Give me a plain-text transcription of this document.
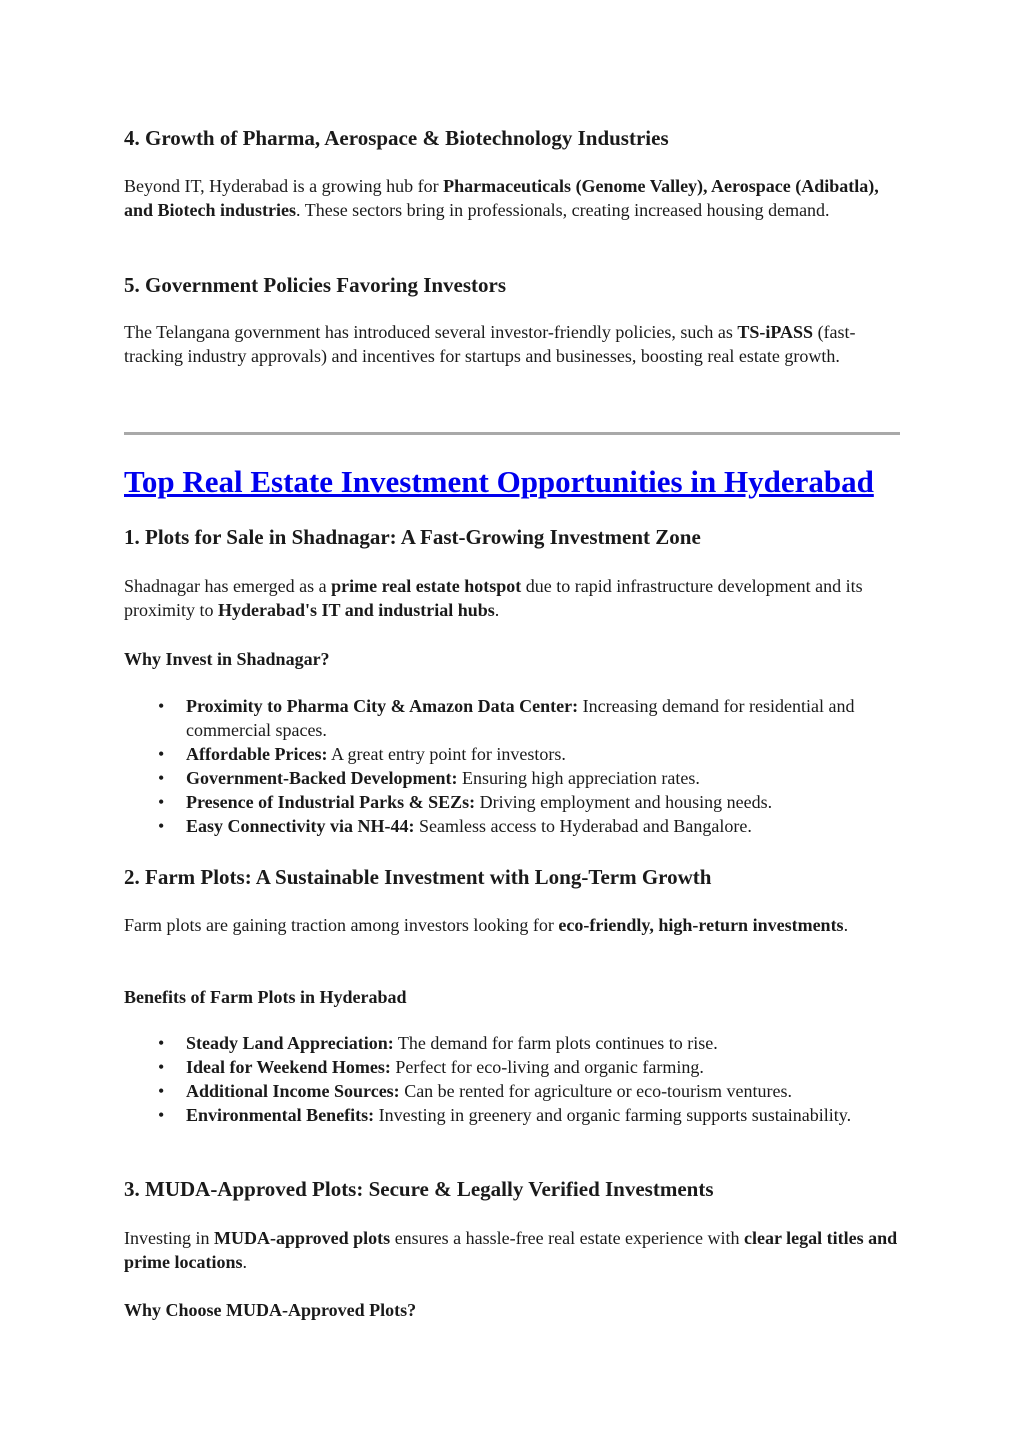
4. Growth of Pharma, Aerospace & Biotechnology Industries

Beyond IT, Hyderabad is a growing hub for Pharmaceuticals (Genome Valley), Aerospace (Adibatla), and Biotech industries. These sectors bring in professionals, creating increased housing demand.

5. Government Policies Favoring Investors

The Telangana government has introduced several investor-friendly policies, such as TS-iPASS (fast-tracking industry approvals) and incentives for startups and businesses, boosting real estate growth.

Top Real Estate Investment Opportunities in Hyderabad
1. Plots for Sale in Shadnagar: A Fast-Growing Investment Zone

Shadnagar has emerged as a prime real estate hotspot due to rapid infrastructure development and its proximity to Hyderabad's IT and industrial hubs.

Why Invest in Shadnagar?

• Proximity to Pharma City & Amazon Data Center: Increasing demand for residential and commercial spaces.
• Affordable Prices: A great entry point for investors.
• Government-Backed Development: Ensuring high appreciation rates.
• Presence of Industrial Parks & SEZs: Driving employment and housing needs.
• Easy Connectivity via NH-44: Seamless access to Hyderabad and Bangalore.
2. Farm Plots: A Sustainable Investment with Long-Term Growth

Farm plots are gaining traction among investors looking for eco-friendly, high-return investments.

Benefits of Farm Plots in Hyderabad

• Steady Land Appreciation: The demand for farm plots continues to rise.
• Ideal for Weekend Homes: Perfect for eco-living and organic farming.
• Additional Income Sources: Can be rented for agriculture or eco-tourism ventures.
• Environmental Benefits: Investing in greenery and organic farming supports sustainability.
3. MUDA-Approved Plots: Secure & Legally Verified Investments

Investing in MUDA-approved plots ensures a hassle-free real estate experience with clear legal titles and prime locations.

Why Choose MUDA-Approved Plots?
